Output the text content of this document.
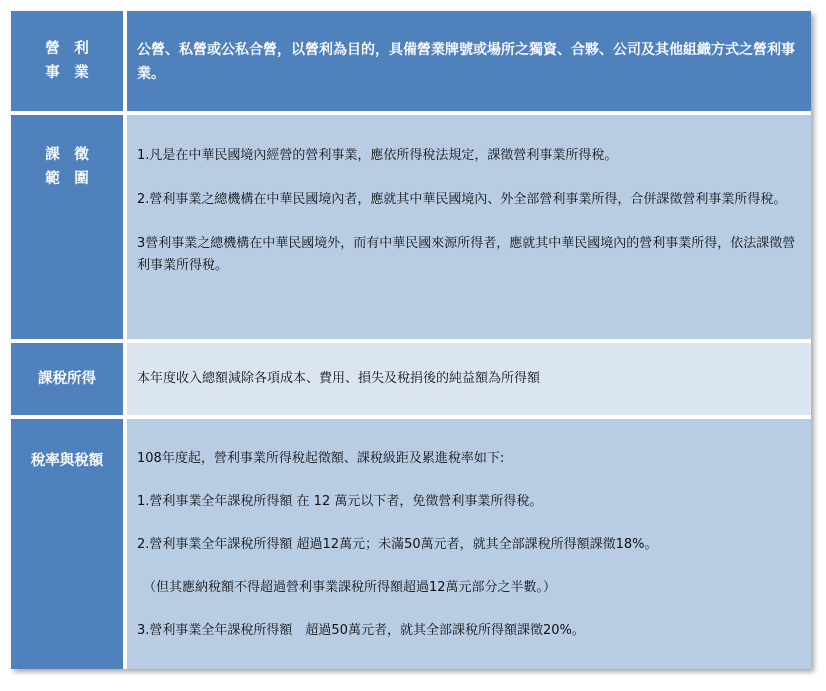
營　利
事　業

公營、私營或公私合營，以營利為目的，具備營業牌號或場所之獨資、合夥、公司及其他組織方式之營利事業。

課　徵
範　圍

1.凡是在中華民國境內經營的營利事業，應依所得稅法規定，課徵營利事業所得稅。

2.營利事業之總機構在中華民國境內者，應就其中華民國境內、外全部營利事業所得，合併課徵營利事業所得稅。

3營利事業之總機構在中華民國境外，而有中華民國來源所得者，應就其中華民國境內的營利事業所得，依法課徵營利事業所得稅。

課稅所得	本年度收入總額減除各項成本、費用、損失及稅捐後的純益額為所得額

稅率與稅額	108年度起，營利事業所得稅起徵額、課稅級距及累進稅率如下:

1.營利事業全年課稅所得額 在 12 萬元以下者，免徵營利事業所得稅。

2.營利事業全年課稅所得額 超過12萬元；未滿50萬元者，就其全部課稅所得額課徵18%。

（但其應納稅額不得超過營利事業課稅所得額超過12萬元部分之半數。）

3.營利事業全年課稅所得額　超過50萬元者，就其全部課稅所得額課徵20%。
